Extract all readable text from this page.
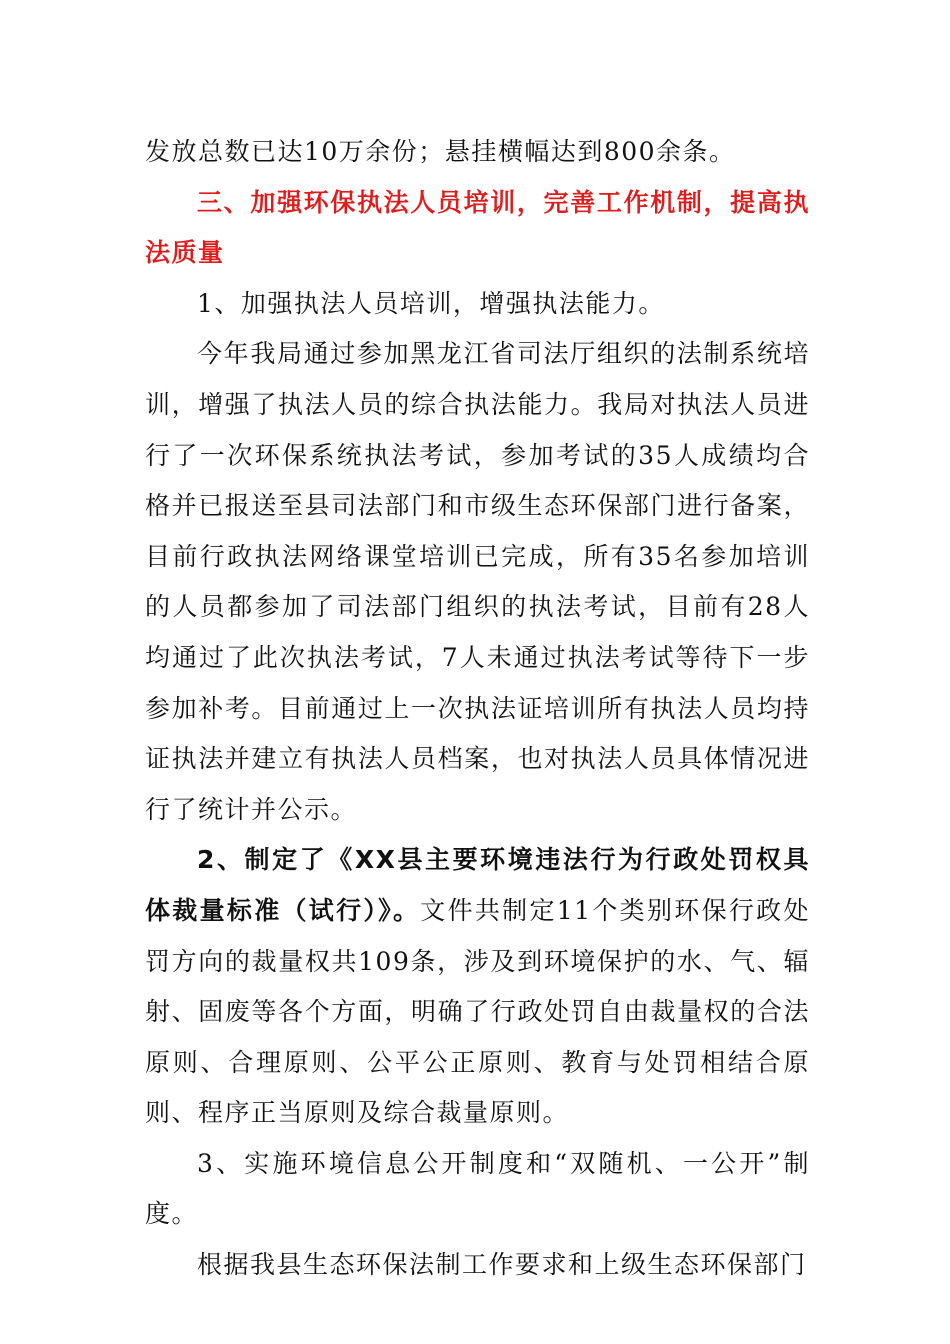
发放总数已达10万余份；悬挂横幅达到800余条。

三、加强环保执法人员培训，完善工作机制，提高执法质量

1、加强执法人员培训，增强执法能力。

今年我局通过参加黑龙江省司法厅组织的法制系统培训，增强了执法人员的综合执法能力。我局对执法人员进行了一次环保系统执法考试，参加考试的35人成绩均合格并已报送至县司法部门和市级生态环保部门进行备案，目前行政执法网络课堂培训已完成，所有35名参加培训的人员都参加了司法部门组织的执法考试，目前有28人均通过了此次执法考试，7人未通过执法考试等待下一步参加补考。目前通过上一次执法证培训所有执法人员均持证执法并建立有执法人员档案，也对执法人员具体情况进行了统计并公示。

2、制定了《XX县主要环境违法行为行政处罚权具体裁量标准（试行）》。文件共制定11个类别环保行政处罚方向的裁量权共109条，涉及到环境保护的水、气、辐射、固废等各个方面，明确了行政处罚自由裁量权的合法原则、合理原则、公平公正原则、教育与处罚相结合原则、程序正当原则及综合裁量原则。

3、实施环境信息公开制度和“双随机、一公开”制度。

根据我县生态环保法制工作要求和上级生态环保部门
